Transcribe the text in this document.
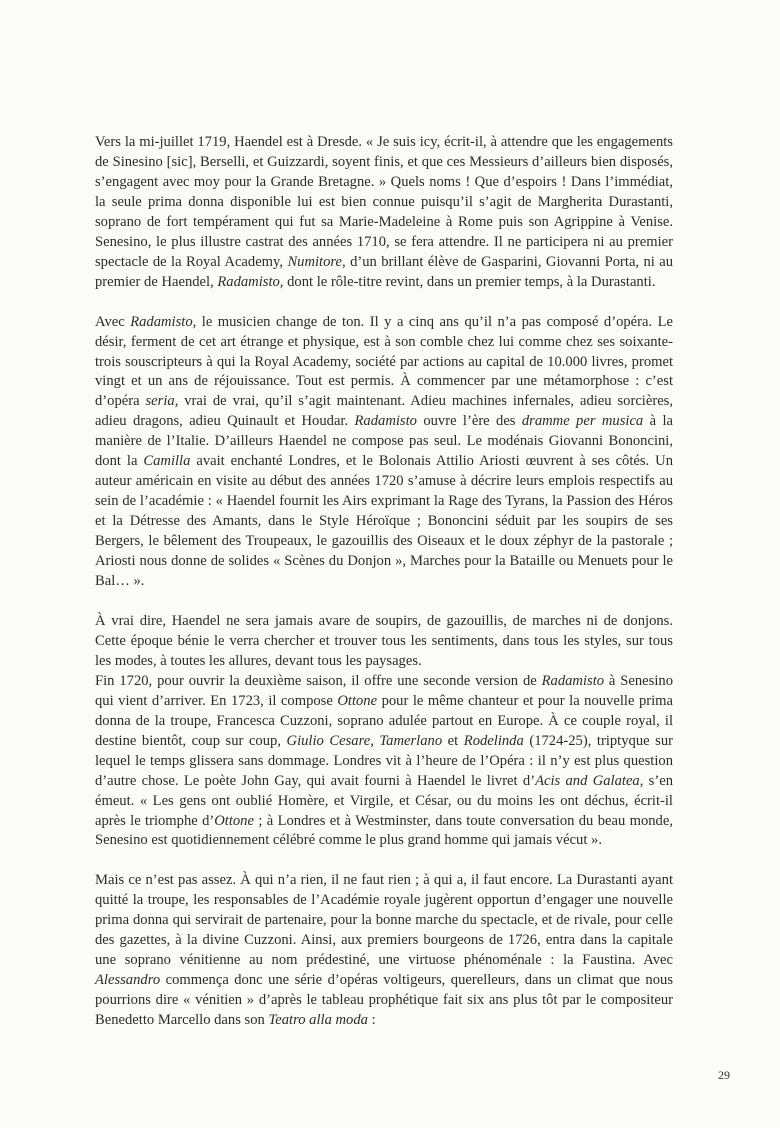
Vers la mi-juillet 1719, Haendel est à Dresde. « Je suis icy, écrit-il, à attendre que les engagements de Sinesino [sic], Berselli, et Guizzardi, soyent finis, et que ces Messieurs d’ailleurs bien disposés, s’engagent avec moy pour la Grande Bretagne. » Quels noms ! Que d’espoirs ! Dans l’immédiat, la seule prima donna disponible lui est bien connue puisqu’il s’agit de Margherita Durastanti, soprano de fort tempérament qui fut sa Marie-Madeleine à Rome puis son Agrippine à Venise. Senesino, le plus illustre castrat des années 1710, se fera attendre. Il ne participera ni au premier spectacle de la Royal Academy, Numitore, d’un brillant élève de Gasparini, Giovanni Porta, ni au premier de Haendel, Radamisto, dont le rôle-titre revint, dans un premier temps, à la Durastanti.

Avec Radamisto, le musicien change de ton. Il y a cinq ans qu’il n’a pas composé d’opéra. Le désir, ferment de cet art étrange et physique, est à son comble chez lui comme chez ses soixante-trois souscripteurs à qui la Royal Academy, société par actions au capital de 10.000 livres, promet vingt et un ans de réjouissance. Tout est permis. À commencer par une métamorphose : c’est d’opéra seria, vrai de vrai, qu’il s’agit maintenant. Adieu machines infernales, adieu sorcières, adieu dragons, adieu Quinault et Houdar. Radamisto ouvre l’ère des dramme per musica à la manière de l’Italie. D’ailleurs Haendel ne compose pas seul. Le modénais Giovanni Bononcini, dont la Camilla avait enchanté Londres, et le Bolonais Attilio Ariosti œuvrent à ses côtés. Un auteur américain en visite au début des années 1720 s’amuse à décrire leurs emplois respectifs au sein de l’académie : « Haendel fournit les Airs exprimant la Rage des Tyrans, la Passion des Héros et la Détresse des Amants, dans le Style Héroïque ; Bononcini séduit par les soupirs de ses Bergers, le bêlement des Troupeaux, le gazouillis des Oiseaux et le doux zéphyr de la pastorale ; Ariosti nous donne de solides « Scènes du Donjon », Marches pour la Bataille ou Menuets pour le Bal… ».

À vrai dire, Haendel ne sera jamais avare de soupirs, de gazouillis, de marches ni de donjons. Cette époque bénie le verra chercher et trouver tous les sentiments, dans tous les styles, sur tous les modes, à toutes les allures, devant tous les paysages.

Fin 1720, pour ouvrir la deuxième saison, il offre une seconde version de Radamisto à Senesino qui vient d’arriver. En 1723, il compose Ottone pour le même chanteur et pour la nouvelle prima donna de la troupe, Francesca Cuzzoni, soprano adulée partout en Europe. À ce couple royal, il destine bientôt, coup sur coup, Giulio Cesare, Tamerlano et Rodelinda (1724-25), triptyque sur lequel le temps glissera sans dommage. Londres vit à l’heure de l’Opéra : il n’y est plus question d’autre chose. Le poète John Gay, qui avait fourni à Haendel le livret d’Acis and Galatea, s’en émeut. « Les gens ont oublié Homère, et Virgile, et César, ou du moins les ont déchus, écrit-il après le triomphe d’Ottone ; à Londres et à Westminster, dans toute conversation du beau monde, Senesino est quotidiennement célébré comme le plus grand homme qui jamais vécut ».

Mais ce n’est pas assez. À qui n’a rien, il ne faut rien ; à qui a, il faut encore. La Durastanti ayant quitté la troupe, les responsables de l’Académie royale jugèrent opportun d’engager une nouvelle prima donna qui servirait de partenaire, pour la bonne marche du spectacle, et de rivale, pour celle des gazettes, à la divine Cuzzoni. Ainsi, aux premiers bourgeons de 1726, entra dans la capitale une soprano vénitienne au nom prédestiné, une virtuose phénoménale : la Faustina. Avec Alessandro commença donc une série d’opéras voltigeurs, querelleurs, dans un climat que nous pourrions dire « vénitien » d’après le tableau prophétique fait six ans plus tôt par le compositeur Benedetto Marcello dans son Teatro alla moda :

29
